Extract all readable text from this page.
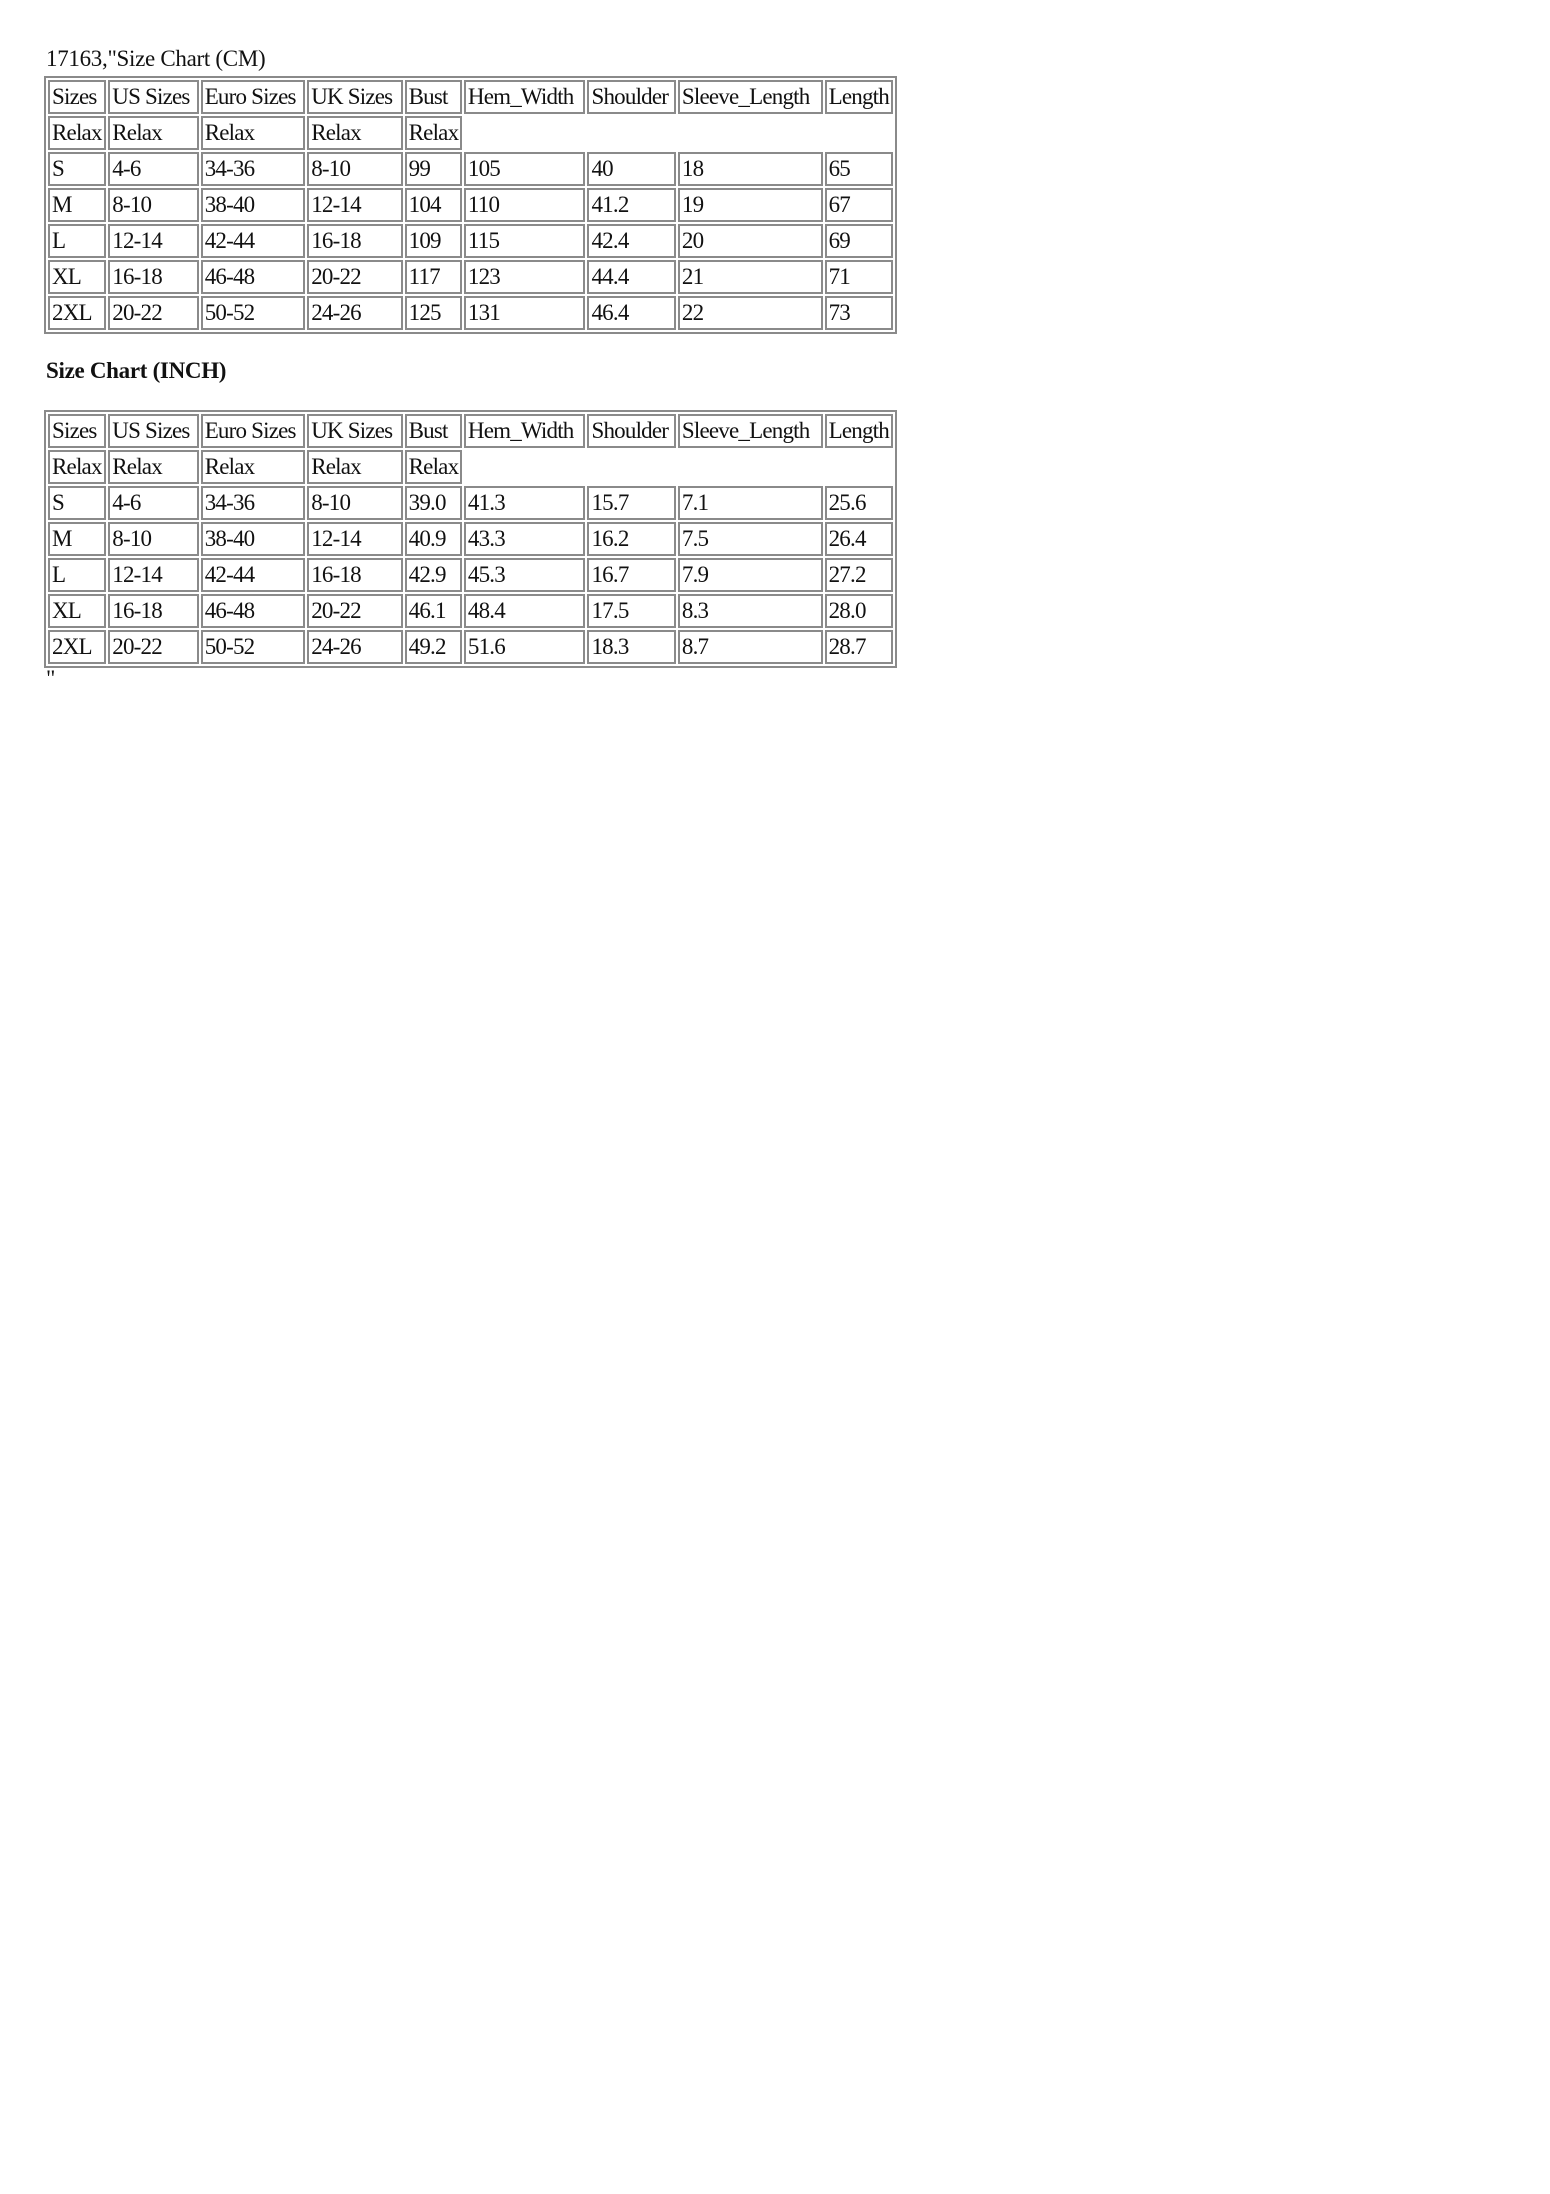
17163,"Size Chart (CM)
Sizes	US Sizes	Euro Sizes	UK Sizes	Bust	Hem_Width	Shoulder	Sleeve_Length	Length
Relax	Relax	Relax	Relax	Relax				
S	4-6	34-36	8-10	99	105	40	18	65
M	8-10	38-40	12-14	104	110	41.2	19	67
L	12-14	42-44	16-18	109	115	42.4	20	69
XL	16-18	46-48	20-22	117	123	44.4	21	71
2XL	20-22	50-52	24-26	125	131	46.4	22	73
Size Chart (INCH)
Sizes	US Sizes	Euro Sizes	UK Sizes	Bust	Hem_Width	Shoulder	Sleeve_Length	Length
Relax	Relax	Relax	Relax	Relax				
S	4-6	34-36	8-10	39.0	41.3	15.7	7.1	25.6
M	8-10	38-40	12-14	40.9	43.3	16.2	7.5	26.4
L	12-14	42-44	16-18	42.9	45.3	16.7	7.9	27.2
XL	16-18	46-48	20-22	46.1	48.4	17.5	8.3	28.0
2XL	20-22	50-52	24-26	49.2	51.6	18.3	8.7	28.7
"
